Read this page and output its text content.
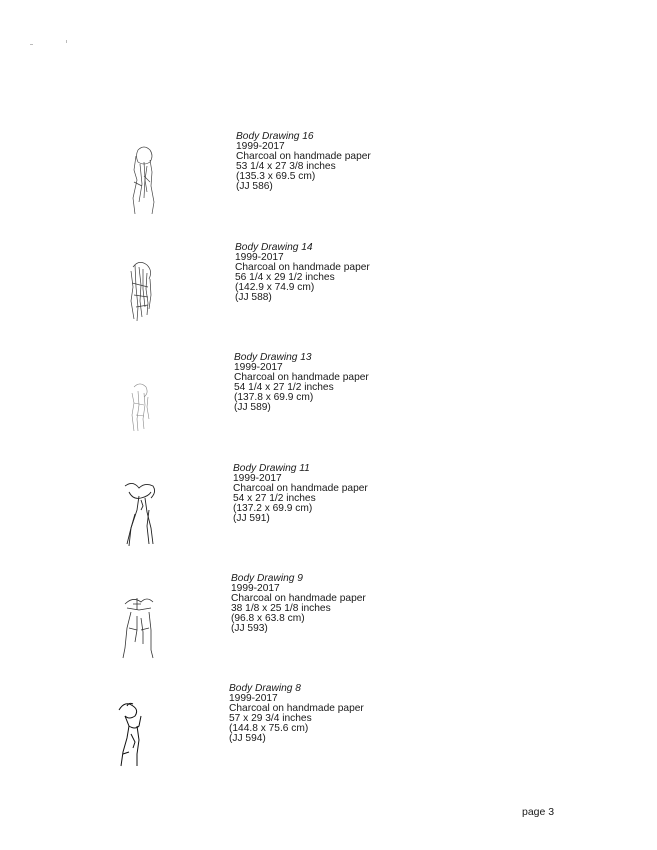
Body Drawing 16
1999-2017
Charcoal on handmade paper
53 1/4 x 27 3/8 inches
(135.3 x 69.5 cm)
(JJ 586)
Body Drawing 14
1999-2017
Charcoal on handmade paper
56 1/4 x 29 1/2 inches
(142.9 x 74.9 cm)
(JJ 588)
Body Drawing 13
1999-2017
Charcoal on handmade paper
54 1/4 x 27 1/2 inches
(137.8 x 69.9 cm)
(JJ 589)
Body Drawing 11
1999-2017
Charcoal on handmade paper
54 x 27 1/2 inches
(137.2 x 69.9 cm)
(JJ 591)
Body Drawing 9
1999-2017
Charcoal on handmade paper
38 1/8 x 25 1/8 inches
(96.8 x 63.8 cm)
(JJ 593)
Body Drawing 8
1999-2017
Charcoal on handmade paper
57 x 29 3/4 inches
(144.8 x 75.6 cm)
(JJ 594)
page 3
